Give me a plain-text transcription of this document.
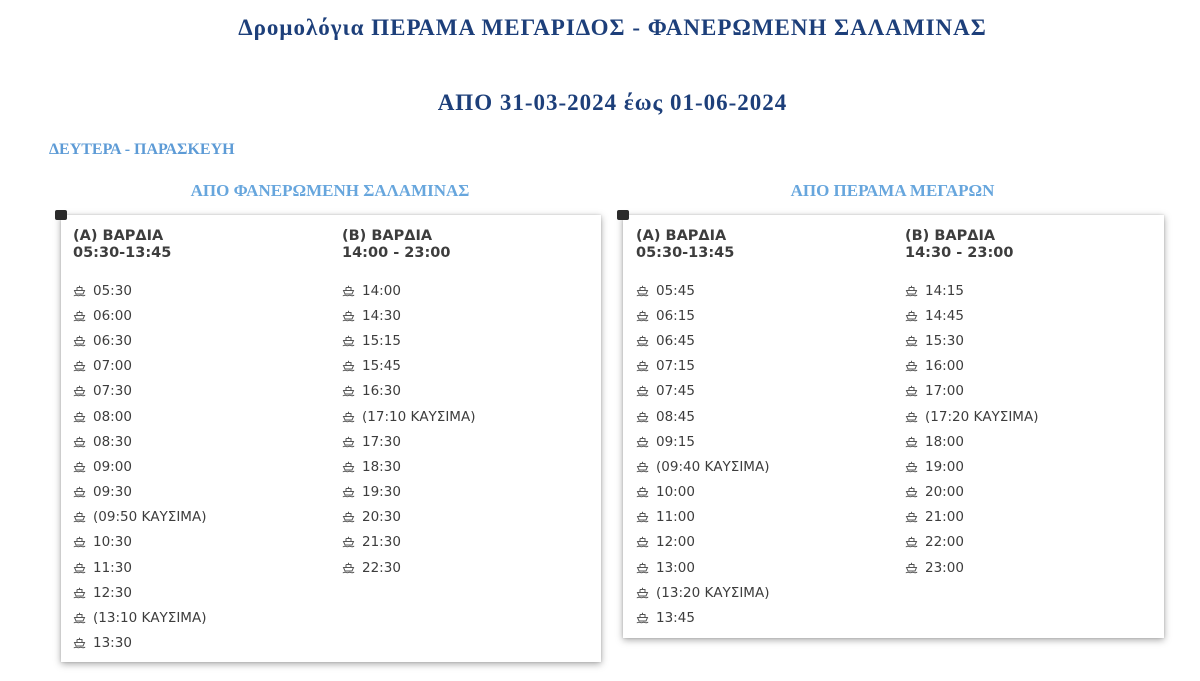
Δρομολόγια ΠΕΡΑΜΑ ΜΕΓΑΡΙΔΟΣ - ΦΑΝΕΡΩΜΕΝΗ ΣΑΛΑΜΙΝΑΣ
ΑΠΟ 31-03-2024 έως 01-06-2024
ΔΕΥΤΕΡΑ - ΠΑΡΑΣΚΕΥΗ
ΑΠΟ ΦΑΝΕΡΩΜΕΝΗ ΣΑΛΑΜΙΝΑΣ	ΑΠΟ ΠΕΡΑΜΑ ΜΕΓΑΡΩΝ
(Α) ΒΑΡΔΙΑ
05:30-13:45
05:30
06:00
06:30
07:00
07:30
08:00
08:30
09:00
09:30
(09:50 ΚΑΥΣΙΜΑ)
10:30
11:30
12:30
(13:10 ΚΑΥΣΙΜΑ)
13:30
(Β) ΒΑΡΔΙΑ
14:00 - 23:00
14:00
14:30
15:15
15:45
16:30
(17:10 ΚΑΥΣΙΜΑ)
17:30
18:30
19:30
20:30
21:30
22:30
(Α) ΒΑΡΔΙΑ
05:30-13:45
05:45
06:15
06:45
07:15
07:45
08:45
09:15
(09:40 ΚΑΥΣΙΜΑ)
10:00
11:00
12:00
13:00
(13:20 ΚΑΥΣΙΜΑ)
13:45
(Β) ΒΑΡΔΙΑ
14:30 - 23:00
14:15
14:45
15:30
16:00
17:00
(17:20 ΚΑΥΣΙΜΑ)
18:00
19:00
20:00
21:00
22:00
23:00
